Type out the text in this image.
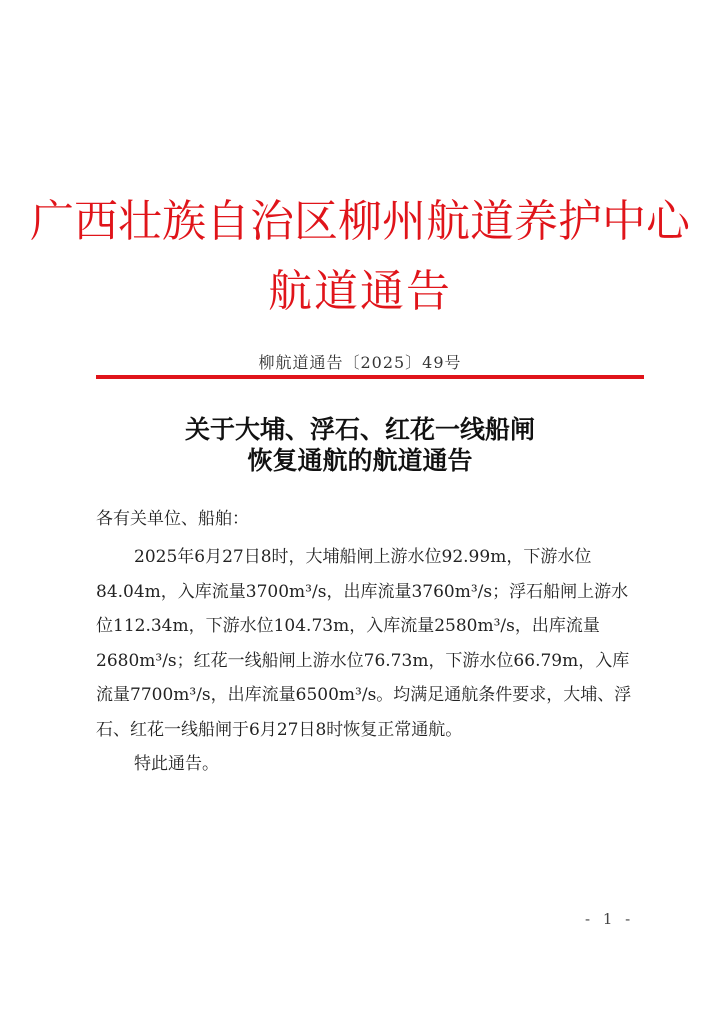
广西壮族自治区柳州航道养护中心
航道通告
柳航道通告〔2025〕49号
关于大埔、浮石、红花一线船闸
恢复通航的航道通告

各有关单位、船舶：

2025年6月27日8时，大埔船闸上游水位92.99m，下游水位84.04m，入库流量3700m³/s，出库流量3760m³/s；浮石船闸上游水位112.34m，下游水位104.73m，入库流量2580m³/s，出库流量2680m³/s；红花一线船闸上游水位76.73m，下游水位66.79m，入库流量7700m³/s，出库流量6500m³/s。均满足通航条件要求，大埔、浮石、红花一线船闸于6月27日8时恢复正常通航。

特此通告。

- 1 -
